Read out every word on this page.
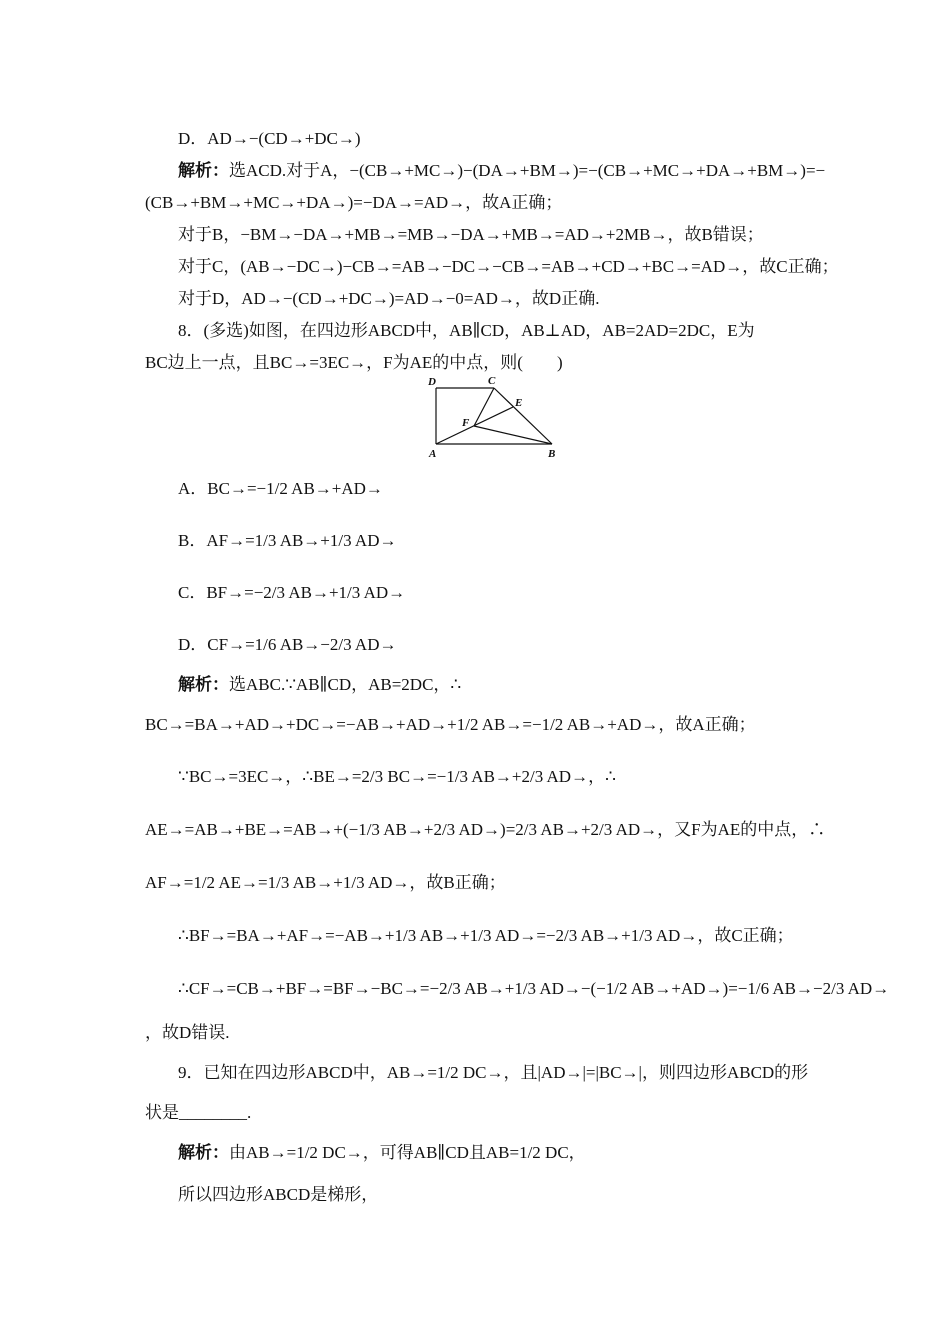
D．AD→−(CD→+DC→)
解析：选ACD.对于A，−(CB→+MC→)−(DA→+BM→)=−(CB→+MC→+DA→+BM→)=−
(CB→+BM→+MC→+DA→)=−DA→=AD→，故A正确；
对于B，−BM→−DA→+MB→=MB→−DA→+MB→=AD→+2MB→，故B错误；
对于C，(AB→−DC→)−CB→=AB→−DC→−CB→=AB→+CD→+BC→=AD→，故C正确；
对于D，AD→−(CD→+DC→)=AD→−0=AD→，故D正确.
8．(多选)如图，在四边形ABCD中，AB∥CD，AB⊥AD，AB=2AD=2DC，E为
BC边上一点，且BC→=3EC→，F为AE的中点，则(　　)
D	C
E
F
A	B
A．BC→=−1/2 AB→+AD→
B．AF→=1/3 AB→+1/3 AD→
C．BF→=−2/3 AB→+1/3 AD→
D．CF→=1/6 AB→−2/3 AD→
解析：选ABC.∵AB∥CD，AB=2DC，∴
BC→=BA→+AD→+DC→=−AB→+AD→+1/2 AB→=−1/2 AB→+AD→，故A正确；
∵BC→=3EC→，∴BE→=2/3 BC→=−1/3 AB→+2/3 AD→，∴
AE→=AB→+BE→=AB→+(−1/3 AB→+2/3 AD→)=2/3 AB→+2/3 AD→，又F为AE的中点，∴
AF→=1/2 AE→=1/3 AB→+1/3 AD→，故B正确；
∴BF→=BA→+AF→=−AB→+1/3 AB→+1/3 AD→=−2/3 AB→+1/3 AD→，故C正确；
∴CF→=CB→+BF→=BF→−BC→=−2/3 AB→+1/3 AD→−(−1/2 AB→+AD→)=−1/6 AB→−2/3 AD→
，故D错误.
9．已知在四边形ABCD中，AB→=1/2 DC→，且|AD→|=|BC→|，则四边形ABCD的形
状是________.
解析：由AB→=1/2 DC→，可得AB∥CD且AB=1/2 DC，
所以四边形ABCD是梯形，
